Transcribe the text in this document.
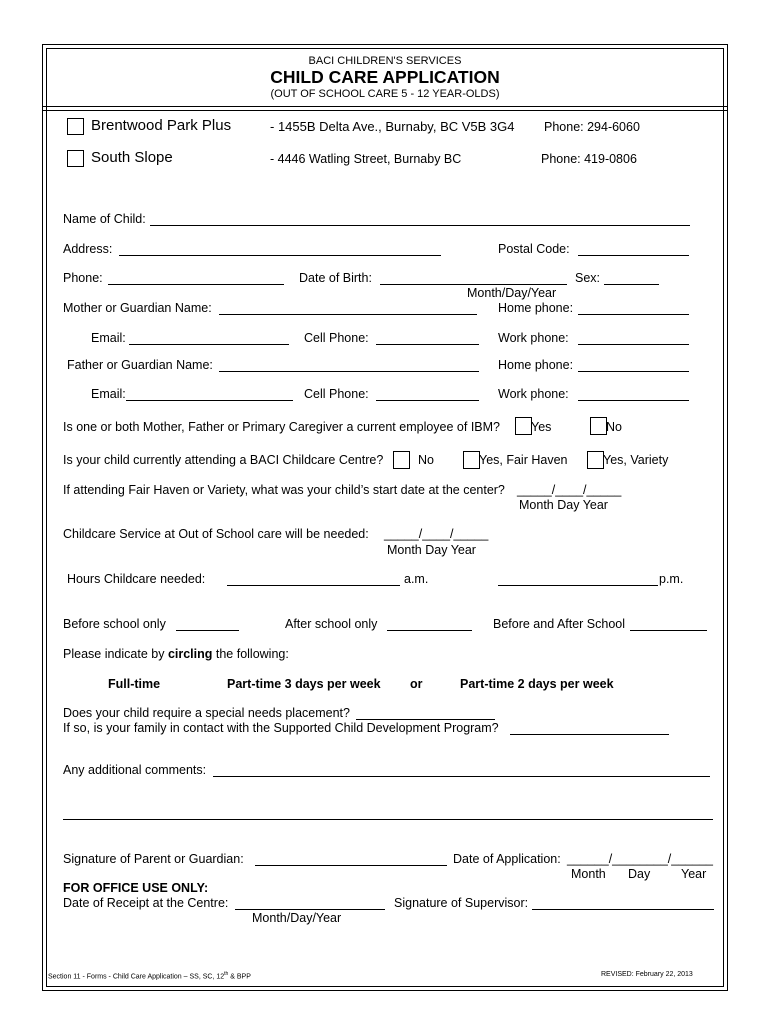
BACI CHILDREN'S SERVICES
CHILD CARE APPLICATION
(OUT OF SCHOOL CARE 5 - 12 YEAR-OLDS)
Brentwood Park Plus	- 1455B Delta Ave., Burnaby, BC V5B 3G4 Phone: 294-6060
South Slope	- 4446 Watling Street, Burnaby BC	Phone: 419-0806
Name of Child:
Address:	Postal Code:
Phone:	Date of Birth:	Sex:
Month/Day/Year
Mother or Guardian Name:	Home phone:
Email:	Cell Phone:	Work phone:
Father or Guardian Name:	Home phone:
Email:	Cell Phone:	Work phone:
Is one or both Mother, Father or Primary Caregiver a current employee of IBM? Yes	No
Is your child currently attending a BACI Childcare Centre?	No	Yes, Fair Haven	Yes, Variety
If attending Fair Haven or Variety, what was your child’s start date at the center? _____/____/_____
Month Day Year
Childcare Service at Out of School care will be needed: _____/____/_____
Month Day Year
Hours Childcare needed:	a.m.	p.m.
Before school only	After school only	Before and After School
Please indicate by circling the following:
Full-time	Part-time 3 days per week or	Part-time 2 days per week
Does your child require a special needs placement?
If so, is your family in contact with the Supported Child Development Program?
Any additional comments:
Signature of Parent or Guardian:	Date of Application: ______/________/______
Month Day Year
FOR OFFICE USE ONLY:
Date of Receipt at the Centre:
Month/Day/Year
Signature of Supervisor:
Section 11 - Forms - Child Care Application – SS, SC, 12th & BPP	REVISED: February 22, 2013
